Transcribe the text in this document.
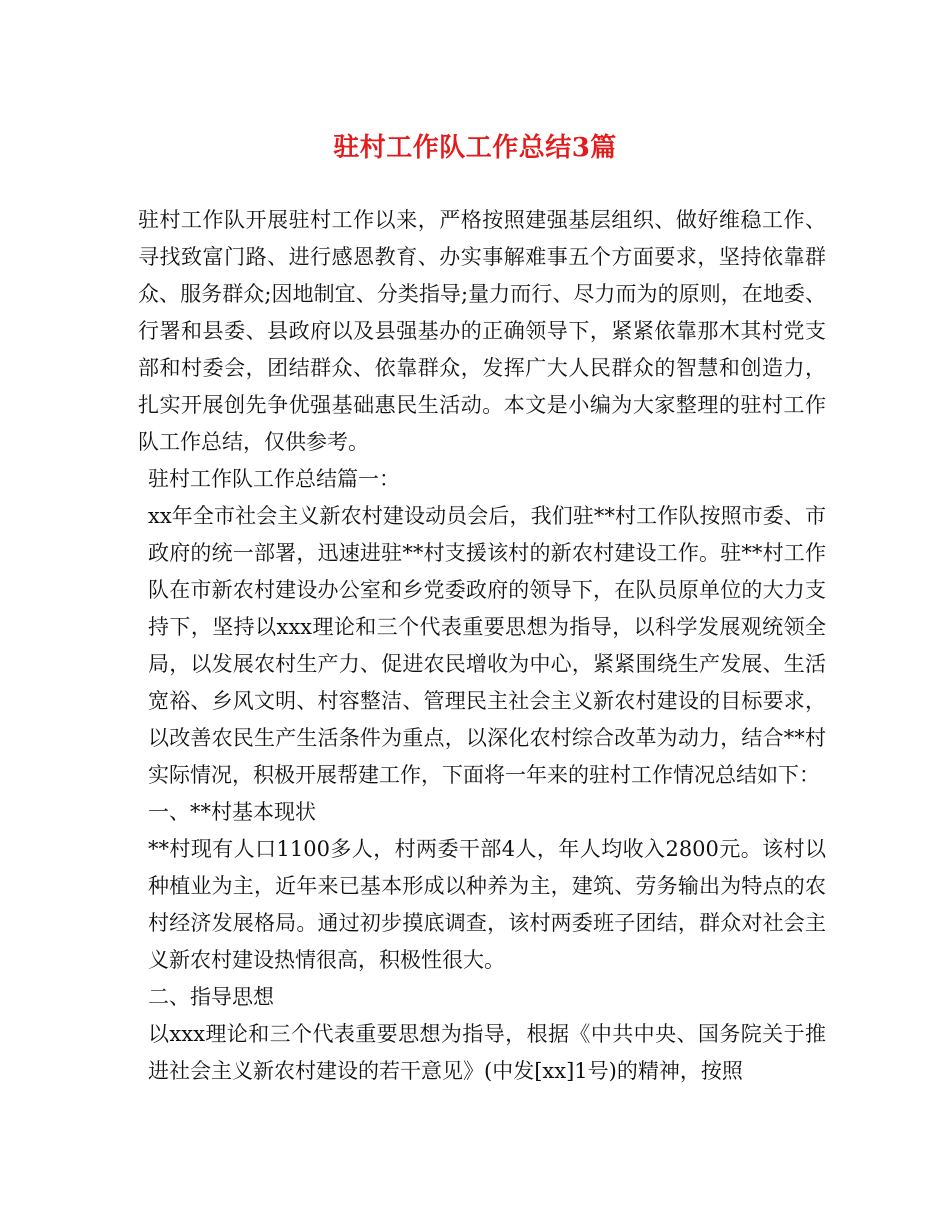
驻村工作队工作总结3篇

驻村工作队开展驻村工作以来，严格按照建强基层组织、做好维稳工作、寻找致富门路、进行感恩教育、办实事解难事五个方面要求，坚持依靠群众、服务群众;因地制宜、分类指导;量力而行、尽力而为的原则，在地委、行署和县委、县政府以及县强基办的正确领导下，紧紧依靠那木其村党支部和村委会，团结群众、依靠群众，发挥广大人民群众的智慧和创造力，扎实开展创先争优强基础惠民生活动。本文是小编为大家整理的驻村工作队工作总结，仅供参考。

驻村工作队工作总结篇一：

xx年全市社会主义新农村建设动员会后，我们驻**村工作队按照市委、市政府的统一部署，迅速进驻**村支援该村的新农村建设工作。驻**村工作队在市新农村建设办公室和乡党委政府的领导下，在队员原单位的大力支持下，坚持以xxx理论和三个代表重要思想为指导，以科学发展观统领全局，以发展农村生产力、促进农民增收为中心，紧紧围绕生产发展、生活宽裕、乡风文明、村容整洁、管理民主社会主义新农村建设的目标要求，以改善农民生产生活条件为重点，以深化农村综合改革为动力，结合**村实际情况，积极开展帮建工作，下面将一年来的驻村工作情况总结如下：

一、**村基本现状

**村现有人口1100多人，村两委干部4人，年人均收入2800元。该村以种植业为主，近年来已基本形成以种养为主，建筑、劳务输出为特点的农村经济发展格局。通过初步摸底调查，该村两委班子团结，群众对社会主义新农村建设热情很高，积极性很大。

二、指导思想

以xxx理论和三个代表重要思想为指导，根据《中共中央、国务院关于推进社会主义新农村建设的若干意见》(中发[xx]1号)的精神，按照
